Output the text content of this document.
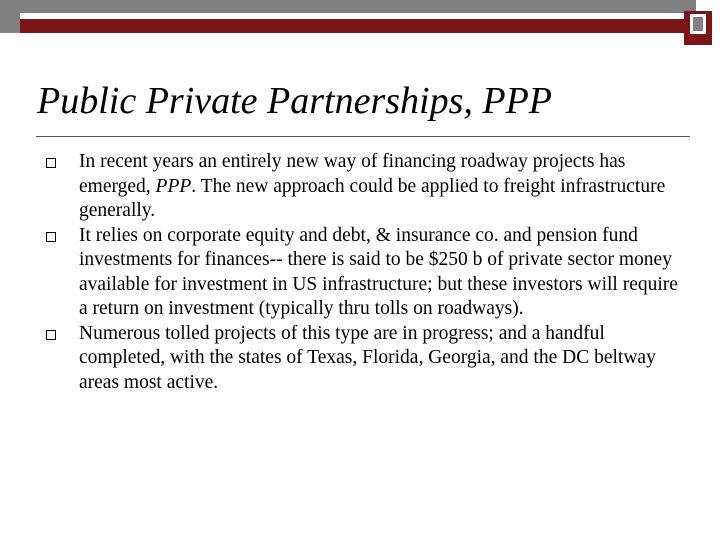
Public Private Partnerships, PPP
In recent years an entirely new way of financing roadway projects has emerged, PPP. The new approach could be applied to freight infrastructure generally.
It relies on corporate equity and debt, & insurance co. and pension fund investments for finances-- there is said to be $250 b of private sector money available for investment in US infrastructure; but these investors will require a return on investment (typically thru tolls on roadways).
Numerous tolled projects of this type are in progress; and a handful completed, with the states of Texas, Florida, Georgia, and the DC beltway areas most active.
